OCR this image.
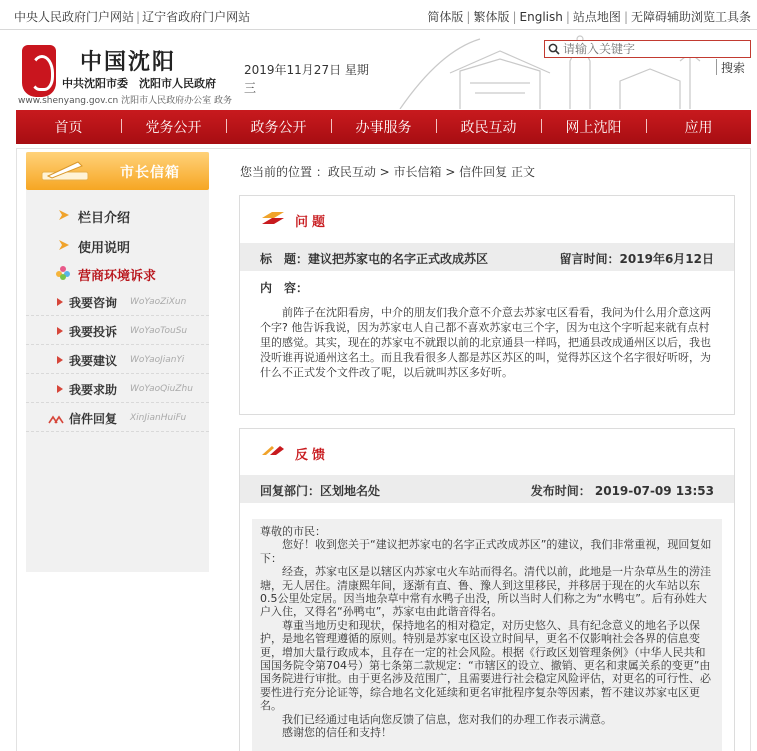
中央人民政府门户网站 | 辽宁省政府门户网站	简体版 | 繁体版 | English | 站点地图 | 无障碍辅助浏览工具条
中国沈阳
中共沈阳市委　沈阳市人民政府
www.shenyang.gov.cn 沈阳市人民政府办公室 政务
2019年11月27日 星期三
请输入关键字
搜索
首页	党务公开	政务公开	办事服务	政民互动	网上沈阳	应用
市长信箱
栏目介绍
使用说明
营商环境诉求
我要咨询 WoYaoZiXun
我要投诉 WoYaoTouSu
我要建议 WoYaoJianYi
我要求助 WoYaoQiuZhu
信件回复 XinJianHuiFu
您当前的位置 ：政民互动 > 市长信箱 > 信件回复 正文
问题
标　题：建议把苏家屯的名字正式改成苏区	留言时间：2019年6月12日
内　容：
前阵子在沈阳看房，中介的朋友们我介意不介意去苏家屯区看看，我问为什么用介意这两个字? 他告诉我说，因为苏家屯人自己都不喜欢苏家屯三个字，因为屯这个字听起来就有点村里的感觉。其实，现在的苏家屯不就跟以前的北京通县一样吗，把通县改成通州区以后，我也没听谁再说通州这名土。而且我看很多人都是苏区苏区的叫，觉得苏区这个名字很好听呀，为什么不正式发个文件改了呢，以后就叫苏区多好听。
反馈
回复部门：区划地名处	发布时间： 2019-07-09 13:53

尊敬的市民：

您好！收到您关于“建议把苏家屯的名字正式改成苏区”的建议，我们非常重视，现回复如下：

经查，苏家屯区是以辖区内苏家屯火车站而得名。清代以前，此地是一片杂草丛生的涝洼塘，无人居住。清康熙年间，逐渐有直、鲁、豫人到这里移民，并移居于现在的火车站以东0.5公里处定居。因当地杂草中常有水鸭子出没，所以当时人们称之为“水鸭屯”。后有孙姓大户入住，又得名“孙鸭屯”，苏家屯由此谐音得名。

尊重当地历史和现状，保持地名的相对稳定，对历史悠久、具有纪念意义的地名予以保护，是地名管理遵循的原则。特别是苏家屯区设立时间早，更名不仅影响社会各界的信息变更，增加大量行政成本，且存在一定的社会风险。根据《行政区划管理条例》（中华人民共和国国务院令第704号）第七条第二款规定：“市辖区的设立、撤销、更名和隶属关系的变更”由国务院进行审批。由于更名涉及范围广，且需要进行社会稳定风险评估，对更名的可行性、必要性进行充分论证等，综合地名文化延续和更名审批程序复杂等因素，暂不建议苏家屯区更名。

我们已经通过电话向您反馈了信息，您对我们的办理工作表示满意。

感谢您的信任和支持！
